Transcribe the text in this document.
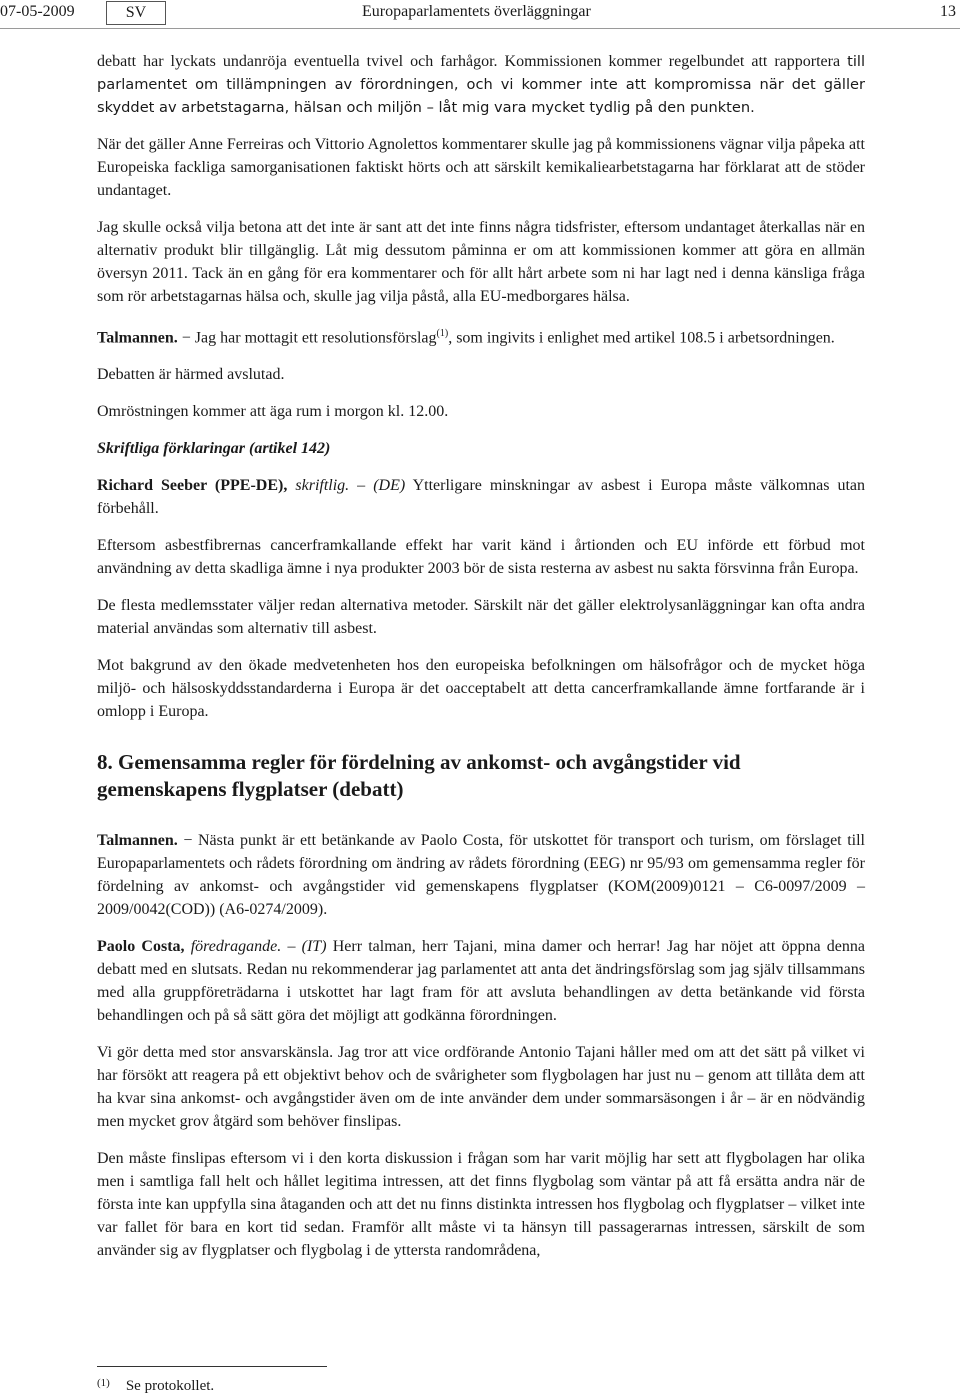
07-05-2009	SV	Europaparlamentets överläggningar	13

debatt har lyckats undanröja eventuella tvivel och farhågor. Kommissionen kommer regelbundet att rapportera till parlamentet om tillämpningen av förordningen, och vi kommer inte att kompromissa när det gäller skyddet av arbetstagarna, hälsan och miljön – låt mig vara mycket tydlig på den punkten.

När det gäller Anne Ferreiras och Vittorio Agnolettos kommentarer skulle jag på kommissionens vägnar vilja påpeka att Europeiska fackliga samorganisationen faktiskt hörts och att särskilt kemikaliearbetstagarna har förklarat att de stöder undantaget.

Jag skulle också vilja betona att det inte är sant att det inte finns några tidsfrister, eftersom undantaget återkallas när en alternativ produkt blir tillgänglig. Låt mig dessutom påminna er om att kommissionen kommer att göra en allmän översyn 2011. Tack än en gång för era kommentarer och för allt hårt arbete som ni har lagt ned i denna känsliga fråga som rör arbetstagarnas hälsa och, skulle jag vilja påstå, alla EU-medborgares hälsa.

Talmannen. − Jag har mottagit ett resolutionsförslag$^{(1)}$, som ingivits i enlighet med artikel 108.5 i arbetsordningen.

Debatten är härmed avslutad.

Omröstningen kommer att äga rum i morgon kl. 12.00.

Skriftliga förklaringar (artikel 142)

Richard Seeber (PPE-DE), skriftlig. – (DE) Ytterligare minskningar av asbest i Europa måste välkomnas utan förbehåll.

Eftersom asbestfibrernas cancerframkallande effekt har varit känd i årtionden och EU införde ett förbud mot användning av detta skadliga ämne i nya produkter 2003 bör de sista resterna av asbest nu sakta försvinna från Europa.

De flesta medlemsstater väljer redan alternativa metoder. Särskilt när det gäller elektrolysanläggningar kan ofta andra material användas som alternativ till asbest.

Mot bakgrund av den ökade medvetenheten hos den europeiska befolkningen om hälsofrågor och de mycket höga miljö- och hälsoskyddsstandarderna i Europa är det oacceptabelt att detta cancerframkallande ämne fortfarande är i omlopp i Europa.

8. Gemensamma regler för fördelning av ankomst- och avgångstider vid gemenskapens flygplatser (debatt)

Talmannen. − Nästa punkt är ett betänkande av Paolo Costa, för utskottet för transport och turism, om förslaget till Europaparlamentets och rådets förordning om ändring av rådets förordning (EEG) nr 95/93 om gemensamma regler för fördelning av ankomst- och avgångstider vid gemenskapens flygplatser (KOM(2009)0121 – C6-0097/2009 – 2009/0042(COD)) (A6-0274/2009).

Paolo Costa, föredragande. – (IT) Herr talman, herr Tajani, mina damer och herrar! Jag har nöjet att öppna denna debatt med en slutsats. Redan nu rekommenderar jag parlamentet att anta det ändringsförslag som jag själv tillsammans med alla gruppföreträdarna i utskottet har lagt fram för att avsluta behandlingen av detta betänkande vid första behandlingen och på så sätt göra det möjligt att godkänna förordningen.

Vi gör detta med stor ansvarskänsla. Jag tror att vice ordförande Antonio Tajani håller med om att det sätt på vilket vi har försökt att reagera på ett objektivt behov och de svårigheter som flygbolagen har just nu – genom att tillåta dem att ha kvar sina ankomst- och avgångstider även om de inte använder dem under sommarsäsongen i år – är en nödvändig men mycket grov åtgärd som behöver finslipas.

Den måste finslipas eftersom vi i den korta diskussion i frågan som har varit möjlig har sett att flygbolagen har olika men i samtliga fall helt och hållet legitima intressen, att det finns flygbolag som väntar på att få ersätta andra när de första inte kan uppfylla sina åtaganden och att det nu finns distinkta intressen hos flygbolag och flygplatser – vilket inte var fallet för bara en kort tid sedan. Framför allt måste vi ta hänsyn till passagerarnas intressen, särskilt de som använder sig av flygplatser och flygbolag i de yttersta randområdena,

$^{(1)}$ Se protokollet.
